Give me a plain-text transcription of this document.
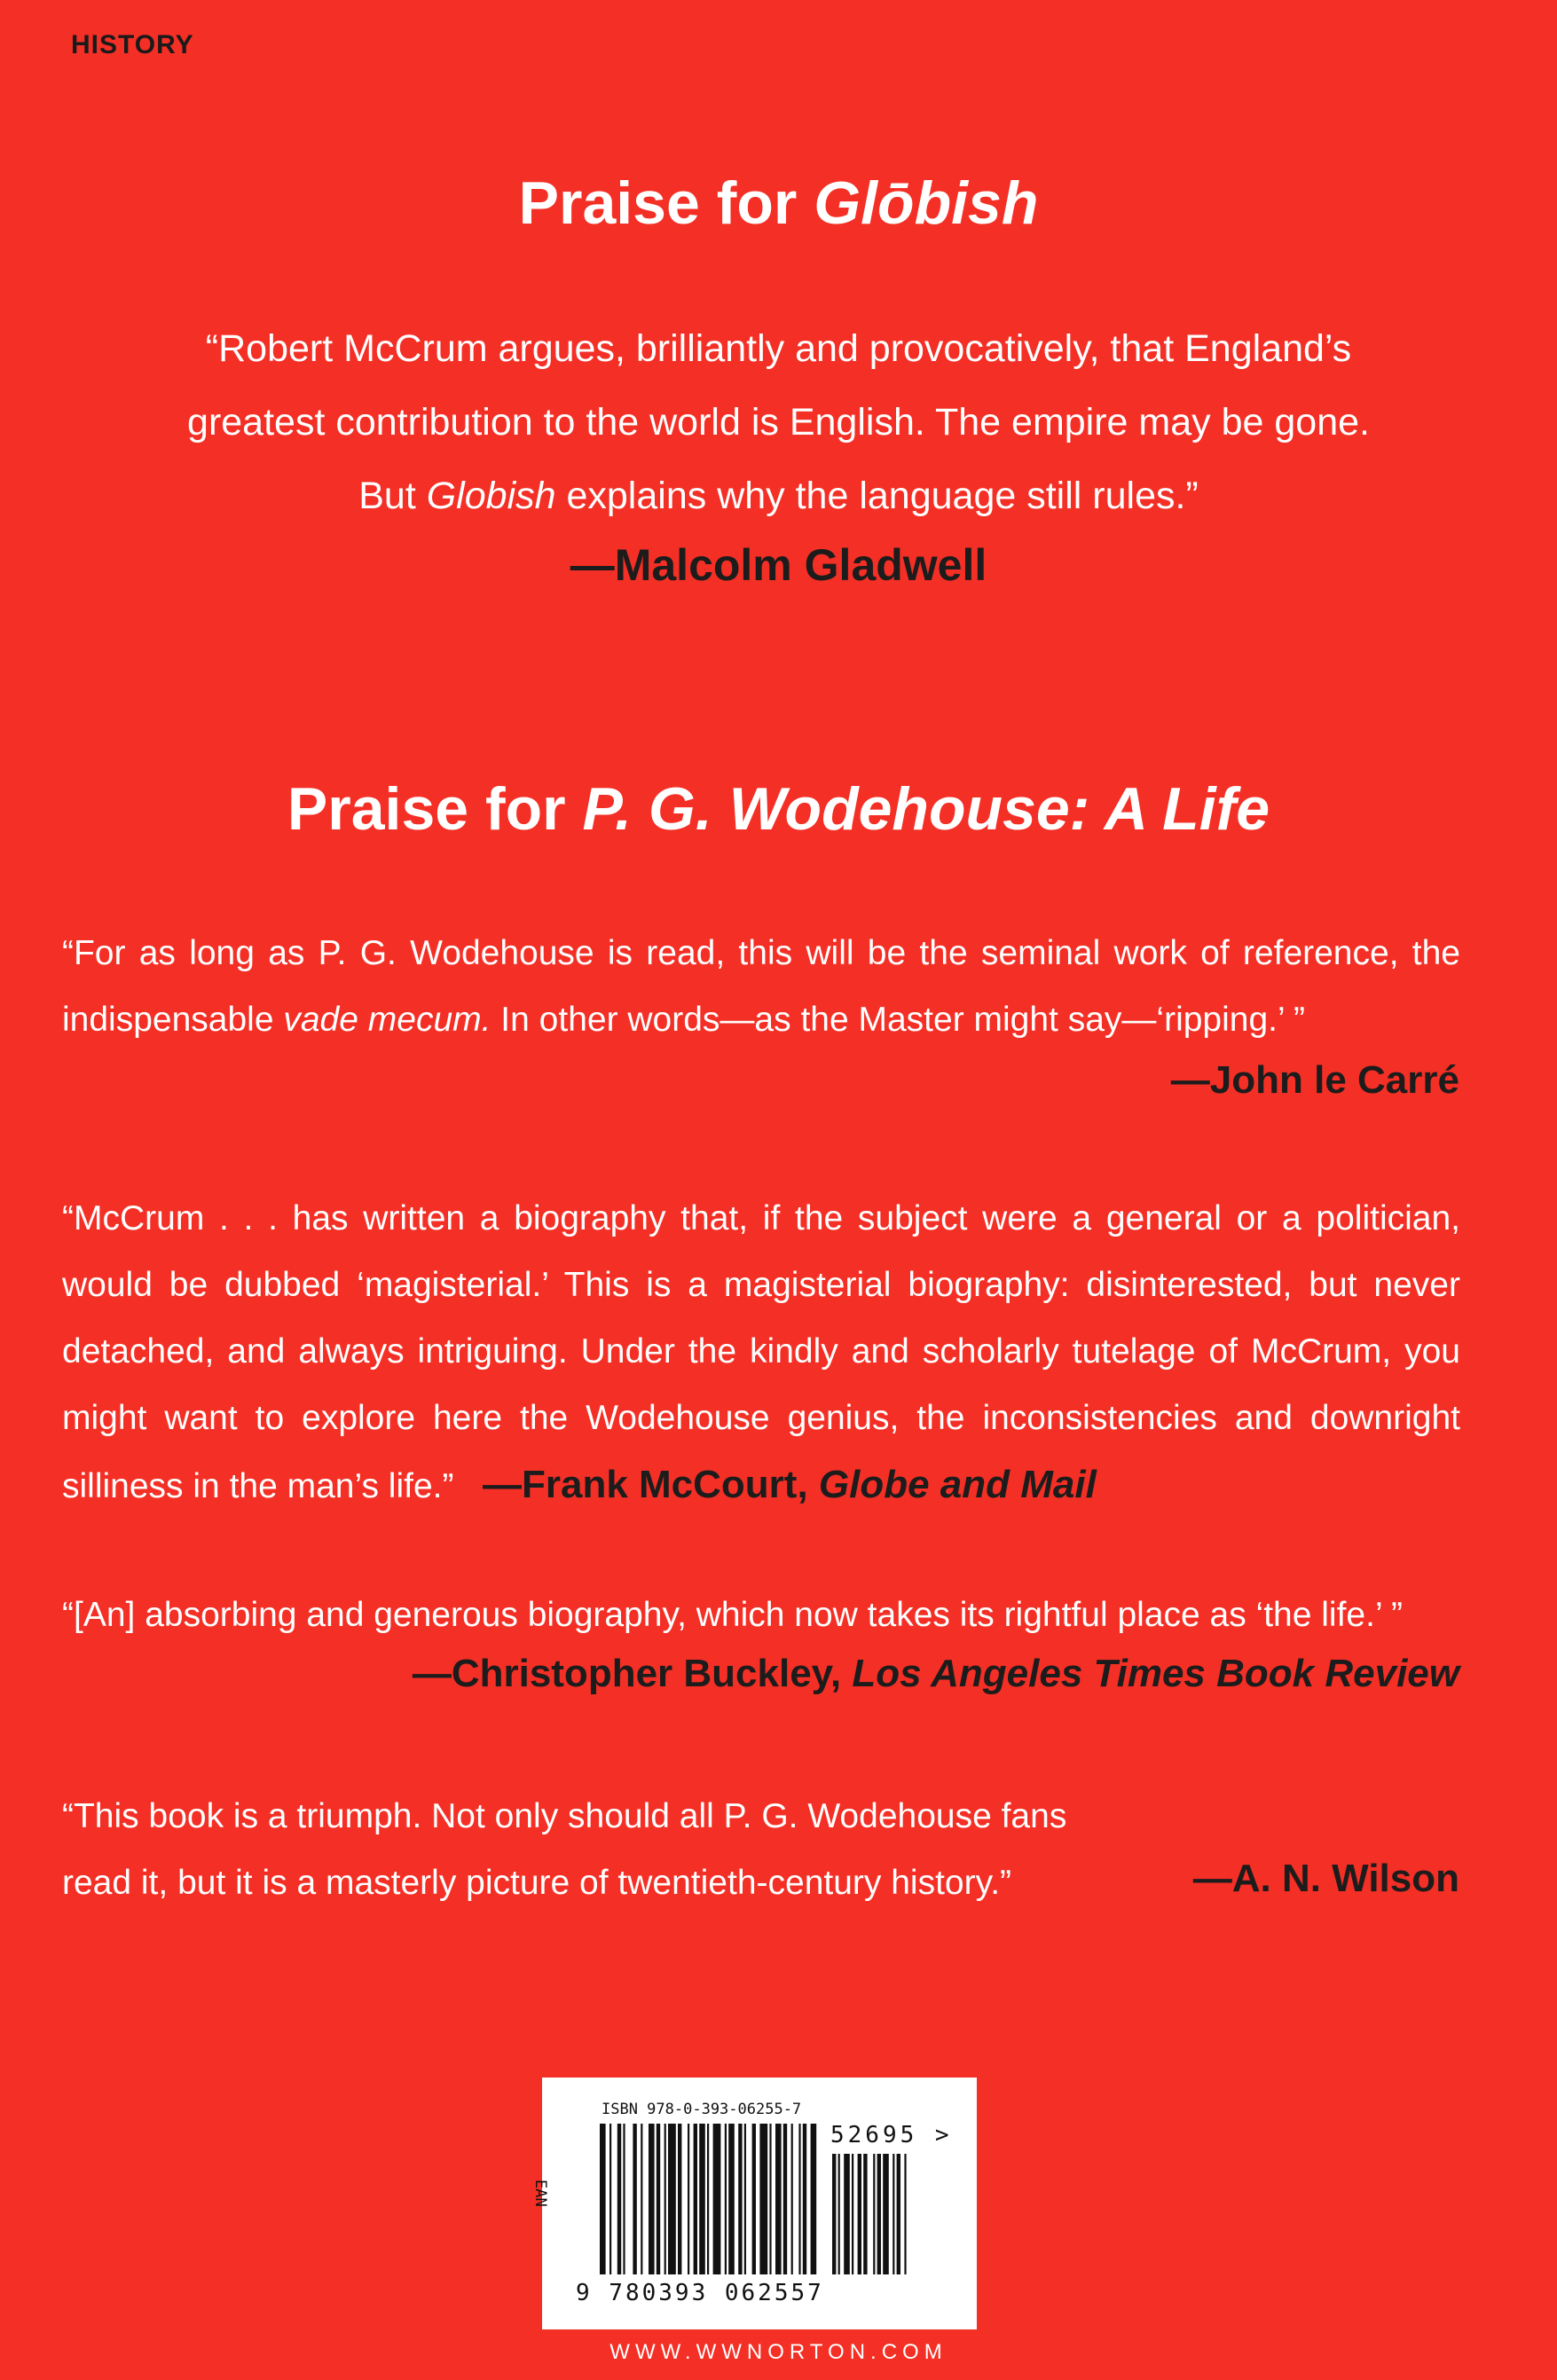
HISTORY
Praise for Glōbish
“Robert McCrum argues, brilliantly and provocatively, that England’s
greatest contribution to the world is English. The empire may be gone.
But Globish explains why the language still rules.”
—Malcolm Gladwell
Praise for P. G. Wodehouse: A Life
“For as long as P. G. Wodehouse is read, this will be the seminal work of reference, the indispensable vade mecum. In other words—as the Master might say—‘ripping.’ ”
—John le Carré
“McCrum . . . has written a biography that, if the subject were a general or a politician, would be dubbed ‘magisterial.’ This is a magisterial biography: disinterested, but never detached, and always intriguing. Under the kindly and scholarly tutelage of McCrum, you might want to explore here the Wodehouse genius, the inconsistencies and downright silliness in the man’s life.” —Frank McCourt, Globe and Mail
“[An] absorbing and generous biography, which now takes its rightful place as ‘the life.’ ”
—Christopher Buckley, Los Angeles Times Book Review
“This book is a triumph. Not only should all P. G. Wodehouse fans read it, but it is a masterly picture of twentieth-century history.”	—A. N. Wilson
ISBN 978-0-393-06255-7
EAN
52695 >
9 780393 062557
WWW.WWNORTON.COM
